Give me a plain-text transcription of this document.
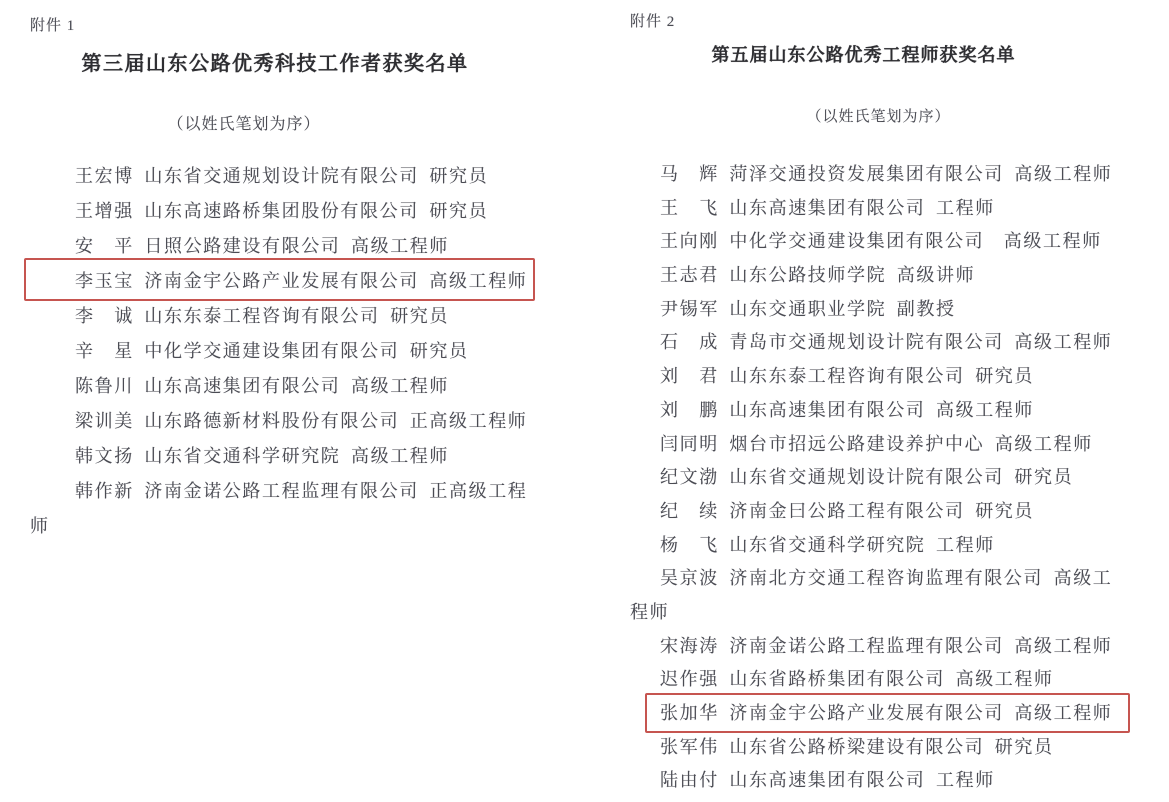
附件 1
第三届山东公路优秀科技工作者获奖名单
（以姓氏笔划为序）
王宏博 山东省交通规划设计院有限公司 研究员
王增强 山东高速路桥集团股份有限公司 研究员
安　平 日照公路建设有限公司 高级工程师
李玉宝 济南金宇公路产业发展有限公司 高级工程师
李　诚 山东东泰工程咨询有限公司 研究员
辛　星 中化学交通建设集团有限公司 研究员
陈鲁川 山东高速集团有限公司 高级工程师
梁训美 山东路德新材料股份有限公司 正高级工程师
韩文扬 山东省交通科学研究院 高级工程师
韩作新 济南金诺公路工程监理有限公司 正高级工程
师
附件 2
第五届山东公路优秀工程师获奖名单
（以姓氏笔划为序）
马　辉 菏泽交通投资发展集团有限公司 高级工程师
王　飞 山东高速集团有限公司 工程师
王向刚 中化学交通建设集团有限公司　高级工程师
王志君 山东公路技师学院 高级讲师
尹锡军 山东交通职业学院 副教授
石　成 青岛市交通规划设计院有限公司 高级工程师
刘　君 山东东泰工程咨询有限公司 研究员
刘　鹏 山东高速集团有限公司 高级工程师
闫同明 烟台市招远公路建设养护中心 高级工程师
纪文渤 山东省交通规划设计院有限公司 研究员
纪　续 济南金曰公路工程有限公司 研究员
杨　飞 山东省交通科学研究院 工程师
吴京波 济南北方交通工程咨询监理有限公司 高级工
程师
宋海涛 济南金诺公路工程监理有限公司 高级工程师
迟作强 山东省路桥集团有限公司 高级工程师
张加华 济南金宇公路产业发展有限公司 高级工程师
张军伟 山东省公路桥梁建设有限公司 研究员
陆由付 山东高速集团有限公司 工程师
